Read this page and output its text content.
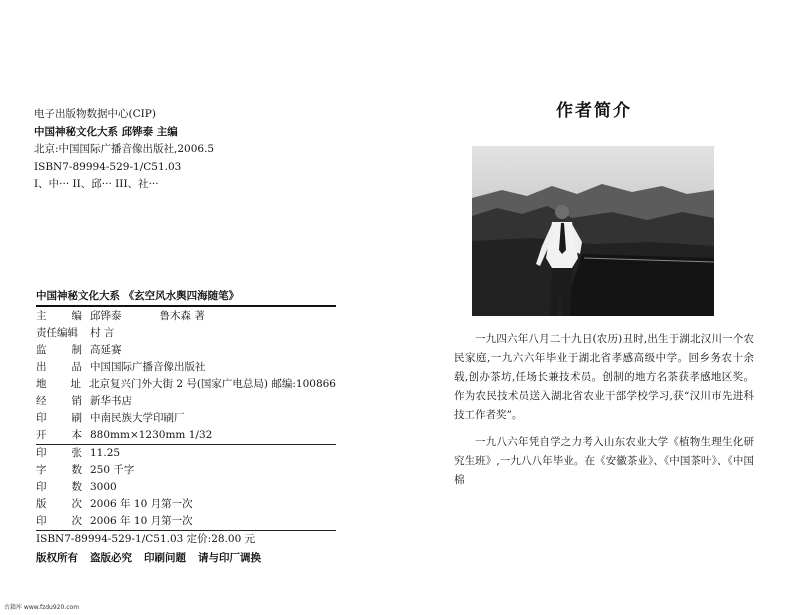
电子出版物数据中心(CIP)
中国神秘文化大系 邱铧泰 主编
北京:中国国际广播音像出版社,2006.5
ISBN7-89994-529-1/C51.03
I、中··· II、邱··· III、社···
中国神秘文化大系 《玄空风水舆四海随笔》
主 编 邱铧泰	鲁木森 著
责任编辑 村 言
监 制 高延赛
出 品 中国国际广播音像出版社
地 址 北京复兴门外大街 2 号(国家广电总局) 邮编:100866
经 销 新华书店
印 刷 中南民族大学印刷厂
开 本 880mm×1230mm 1/32
印 张 11.25
字 数 250 千字
印 数 3000
版 次 2006 年 10 月第一次
印 次 2006 年 10 月第一次
ISBN7-89994-529-1/C51.03 定价:28.00 元
版权所有 盗版必究 印刷问题 请与印厂调换
作者简介

一九四六年八月二十九日(农历)丑时,出生于湖北汉川一个农民家庭,一九六六年毕业于湖北省孝感高级中学。回乡务农十余载,创办茶坊,任场长兼技术员。创制的地方名茶获孝感地区奖。作为农民技术员送入湖北省农业干部学校学习,获“汉川市先进科技工作者奖”。

一九八六年凭自学之力考入山东农业大学《植物生理生化研究生班》,一九八八年毕业。在《安徽茶业》、《中国茶叶》、《中国棉

古籍库 www.fzdu920.com
